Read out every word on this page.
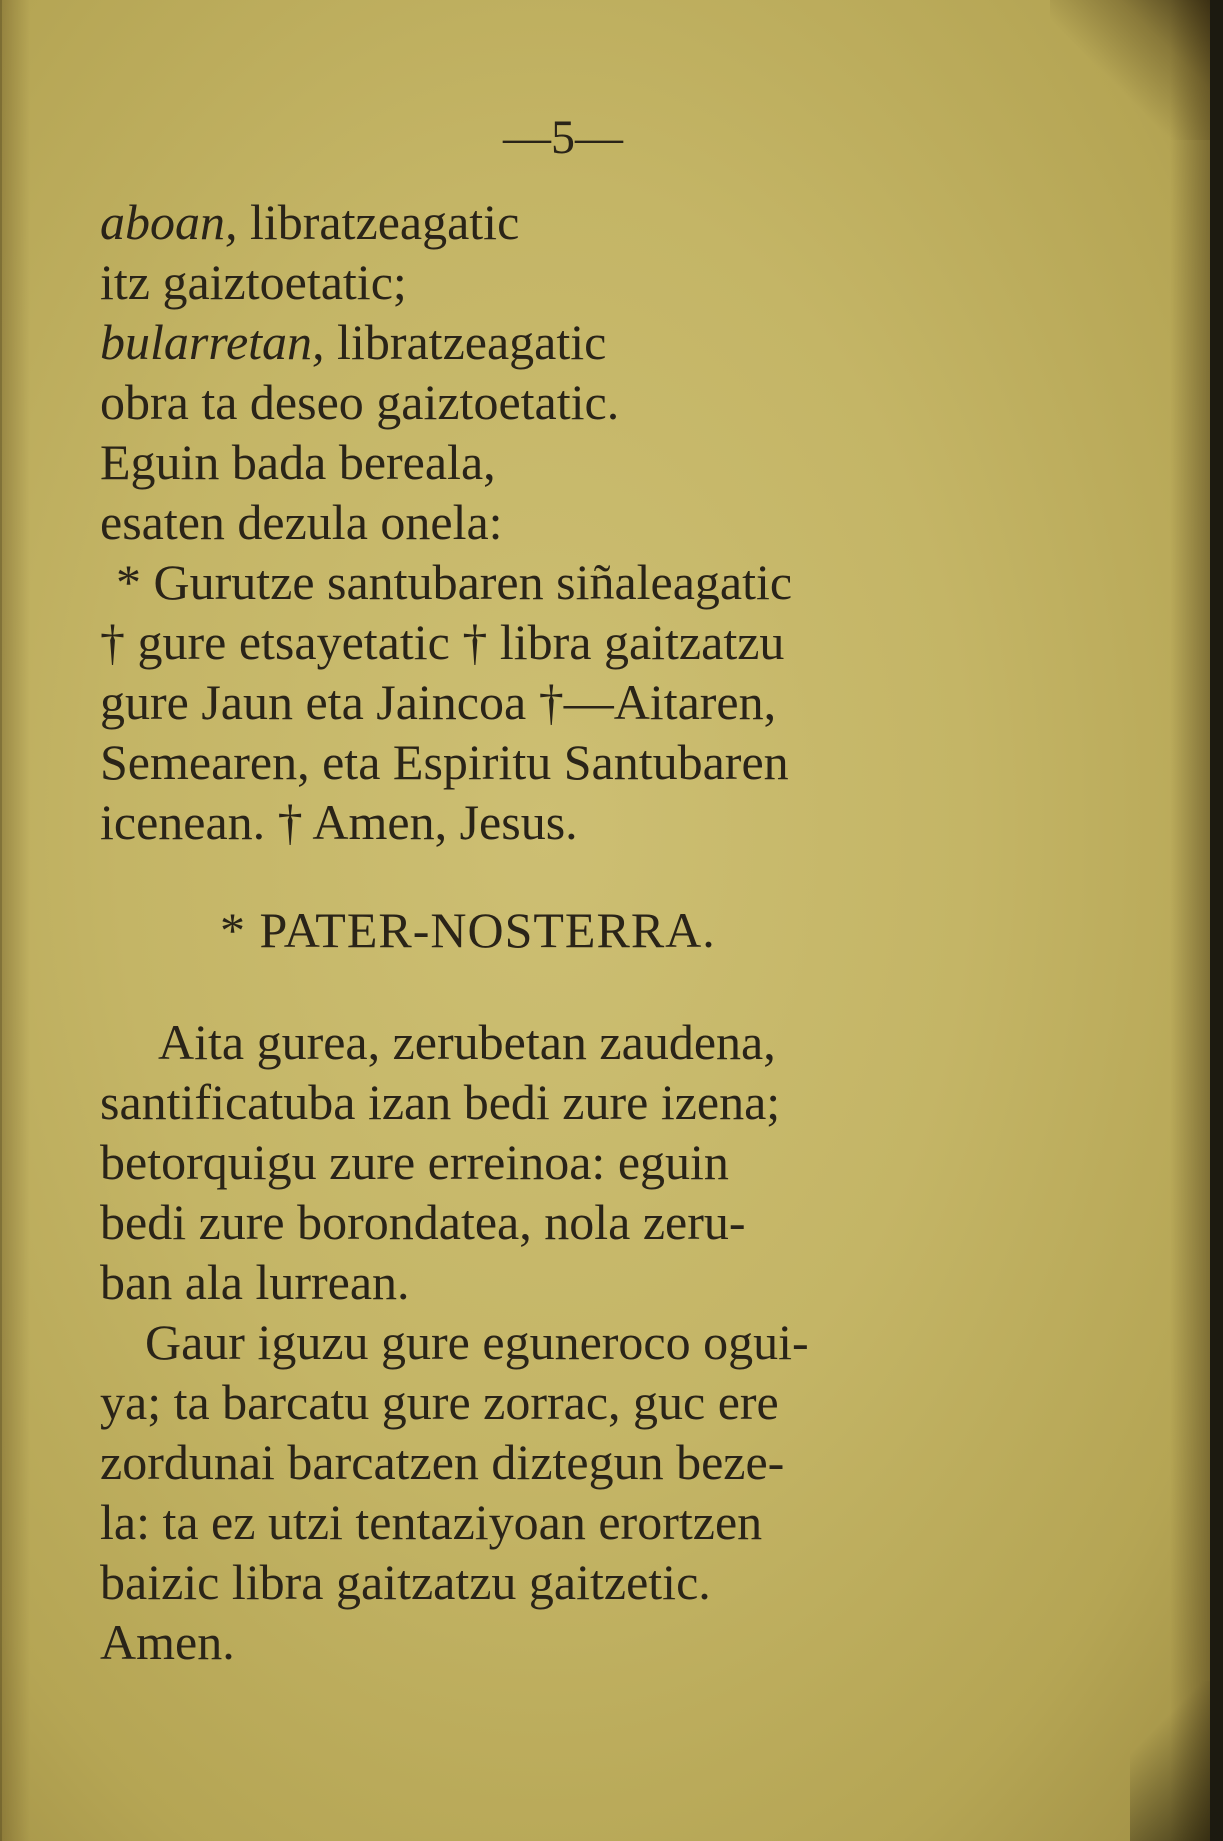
—5—
aboan, libratzeagatic
itz gaiztoetatic;
bularretan, libratzeagatic
obra ta deseo gaiztoetatic.
Eguin bada bereala,
esaten dezula onela:
* Gurutze santubaren siñaleagatic
† gure etsayetatic † libra gaitzatzu
gure Jaun eta Jaincoa †—Aitaren,
Semearen, eta Espiritu Santubaren
icenean. † Amen, Jesus.
* PATER-NOSTERRA.
Aita gurea, zerubetan zaudena,
santificatuba izan bedi zure izena;
betorquigu zure erreinoa: eguin
bedi zure borondatea, nola zeru-
ban ala lurrean.
Gaur iguzu gure eguneroco ogui-
ya; ta barcatu gure zorrac, guc ere
zordunai barcatzen diztegun beze-
la: ta ez utzi tentaziyoan erortzen
baizic libra gaitzatzu gaitzetic.
Amen.
